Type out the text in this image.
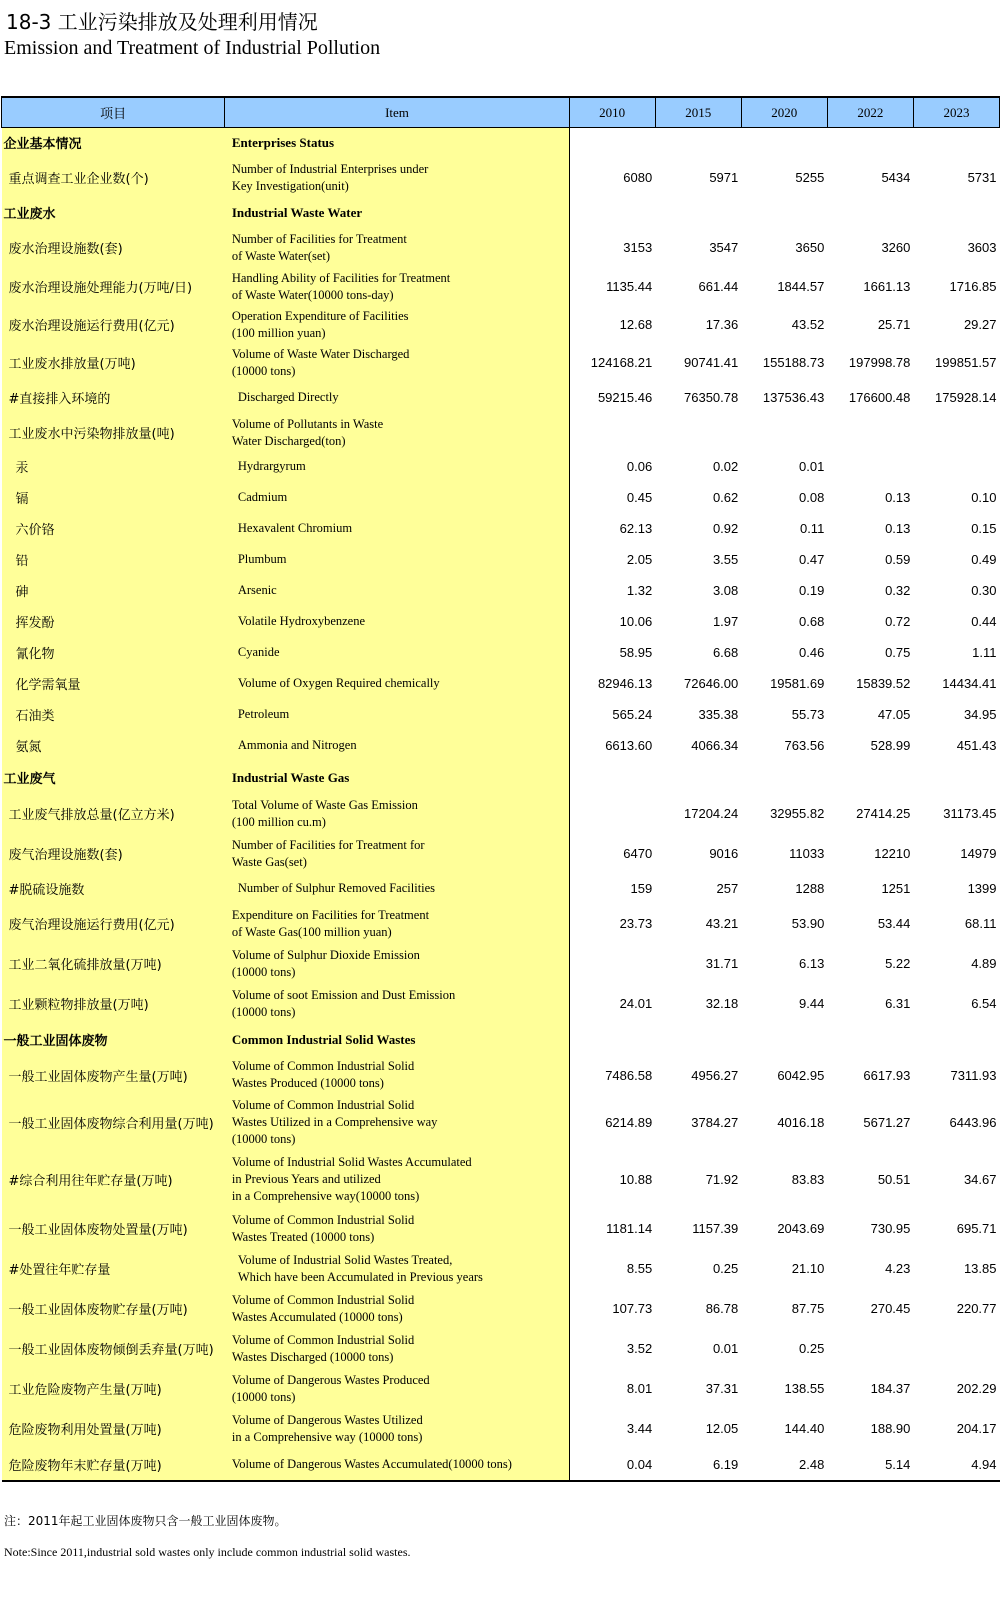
18-3 工业污染排放及处理利用情况
Emission and Treatment of Industrial Pollution
项目	Item	2010	2015	2020	2022	2023
企业基本情况	Enterprises Status					

重点调查工业企业数(个)	Number of Industrial Enterprises under
Key Investigation(unit)	6080	5971	5255	5434	5731
工业废水	Industrial Waste Water					

废水治理设施数(套)	Number of Facilities for Treatment
of Waste Water(set)	3153	3547	3650	3260	3603
废水治理设施处理能力(万吨/日)	Handling Ability of Facilities for Treatment
of Waste Water(10000 tons-day)	1135.44	661.44	1844.57	1661.13	1716.85
废水治理设施运行费用(亿元)	Operation Expenditure of Facilities
(100 million yuan)	12.68	17.36	43.52	25.71	29.27
工业废水排放量(万吨)	Volume of Waste Water Discharged
(10000 tons)	124168.21	90741.41	155188.73	197998.78	199851.57
#直接排入环境的	Discharged Directly	59215.46	76350.78	137536.43	176600.48	175928.14
工业废水中污染物排放量(吨)	Volume of Pollutants in Waste
Water Discharged(ton)					

汞	Hydrargyrum	0.06	0.02	0.01		
镉	Cadmium	0.45	0.62	0.08	0.13	0.10
六价铬	Hexavalent Chromium	62.13	0.92	0.11	0.13	0.15
铅	Plumbum	2.05	3.55	0.47	0.59	0.49
砷	Arsenic	1.32	3.08	0.19	0.32	0.30
挥发酚	Volatile Hydroxybenzene	10.06	1.97	0.68	0.72	0.44
氰化物	Cyanide	58.95	6.68	0.46	0.75	1.11
化学需氧量	Volume of Oxygen Required chemically	82946.13	72646.00	19581.69	15839.52	14434.41
石油类	Petroleum	565.24	335.38	55.73	47.05	34.95
氨氮	Ammonia and Nitrogen	6613.60	4066.34	763.56	528.99	451.43
工业废气	Industrial Waste Gas					

工业废气排放总量(亿立方米)	Total Volume of Waste Gas Emission
(100 million cu.m)		17204.24	32955.82	27414.25	31173.45
废气治理设施数(套)	Number of Facilities for Treatment for
Waste Gas(set)	6470	9016	11033	12210	14979
#脱硫设施数	Number of Sulphur Removed Facilities	159	257	1288	1251	1399
废气治理设施运行费用(亿元)	Expenditure on Facilities for Treatment
of Waste Gas(100 million yuan)	23.73	43.21	53.90	53.44	68.11
工业二氧化硫排放量(万吨)	Volume of Sulphur Dioxide Emission
(10000 tons)		31.71	6.13	5.22	4.89
工业颗粒物排放量(万吨)	Volume of soot Emission and Dust Emission
(10000 tons)	24.01	32.18	9.44	6.31	6.54
一般工业固体废物	Common Industrial Solid Wastes					

一般工业固体废物产生量(万吨)	Volume of Common Industrial Solid
Wastes Produced (10000 tons)	7486.58	4956.27	6042.95	6617.93	7311.93
一般工业固体废物综合利用量(万吨)	Volume of Common Industrial Solid
Wastes Utilized in a Comprehensive way
(10000 tons)	6214.89	3784.27	4016.18	5671.27	6443.96
#综合利用往年贮存量(万吨)	Volume of Industrial Solid Wastes Accumulated
in Previous Years and utilized
in a Comprehensive way(10000 tons)	10.88	71.92	83.83	50.51	34.67
一般工业固体废物处置量(万吨)	Volume of Common Industrial Solid
Wastes Treated (10000 tons)	1181.14	1157.39	2043.69	730.95	695.71
#处置往年贮存量	Volume of Industrial Solid Wastes Treated,
Which have been Accumulated in Previous years	8.55	0.25	21.10	4.23	13.85
一般工业固体废物贮存量(万吨)	Volume of Common Industrial Solid
Wastes Accumulated (10000 tons)	107.73	86.78	87.75	270.45	220.77
一般工业固体废物倾倒丢弃量(万吨)	Volume of Common Industrial Solid
Wastes Discharged (10000 tons)	3.52	0.01	0.25		
工业危险废物产生量(万吨)	Volume of Dangerous Wastes Produced
(10000 tons)	8.01	37.31	138.55	184.37	202.29
危险废物利用处置量(万吨)	Volume of Dangerous Wastes Utilized
in a Comprehensive way (10000 tons)	3.44	12.05	144.40	188.90	204.17
危险废物年末贮存量(万吨)	Volume of Dangerous Wastes Accumulated(10000 tons)	0.04	6.19	2.48	5.14	4.94
注：2011年起工业固体废物只含一般工业固体废物。
Note:Since 2011,industrial sold wastes only include common industrial solid wastes.
